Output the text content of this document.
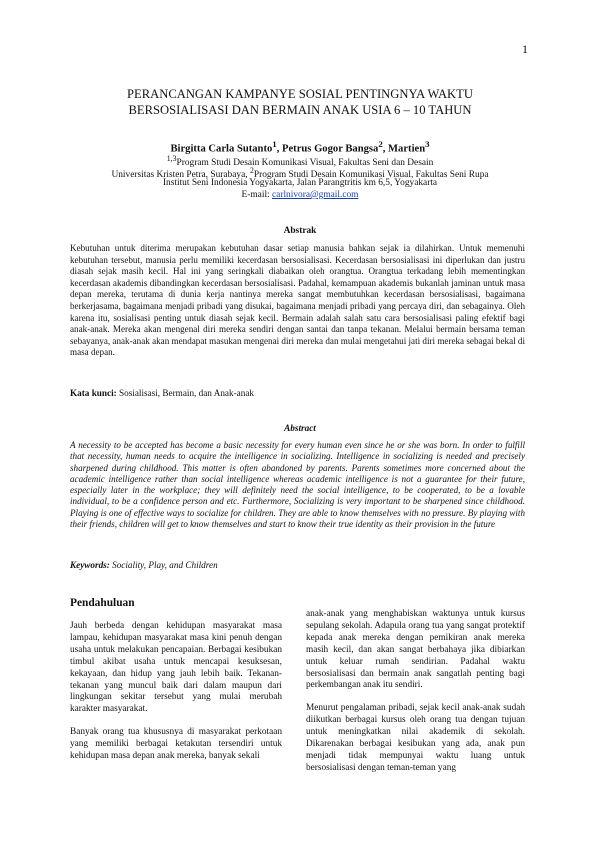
1
PERANCANGAN KAMPANYE SOSIAL PENTINGNYA WAKTU
BERSOSIALISASI DAN BERMAIN ANAK USIA 6 – 10 TAHUN
Birgitta Carla Sutanto$^1$, Petrus Gogor Bangsa$^2$, Martien$^3$
$^{1,3}$Program Studi Desain Komunikasi Visual, Fakultas Seni dan Desain
Universitas Kristen Petra, Surabaya, $^2$Program Studi Desain Komunikasi Visual, Fakultas Seni Rupa
Institut Seni Indonesia Yogyakarta, Jalan Parangtritis km 6,5, Yogyakarta
E-mail: carlnivora@gmail.com
Abstrak

Kebutuhan untuk diterima merupakan kebutuhan dasar setiap manusia bahkan sejak ia dilahirkan. Untuk memenuhi kebutuhan tersebut, manusia perlu memiliki kecerdasan bersosialisasi. Kecerdasan bersosialisasi ini diperlukan dan justru diasah sejak masih kecil. Hal ini yang seringkali diabaikan oleh orangtua. Orangtua terkadang lebih mementingkan kecerdasan akademis dibandingkan kecerdasan bersosialisasi. Padahal, kemampuan akademis bukanlah jaminan untuk masa depan mereka, terutama di dunia kerja nantinya mereka sangat membutuhkan kecerdasan bersosialisasi, bagaimana berkerjasama, bagaimana menjadi pribadi yang disukai, bagaimana menjadi pribadi yang percaya diri, dan sebagainya. Oleh karena itu, sosialisasi penting untuk diasah sejak kecil. Bermain adalah salah satu cara bersosialisasi paling efektif bagi anak-anak. Mereka akan mengenal diri mereka sendiri dengan santai dan tanpa tekanan. Melalui bermain bersama teman sebayanya, anak-anak akan mendapat masukan mengenai diri mereka dan mulai mengetahui jati diri mereka sebagai bekal di masa depan.

Kata kunci: Sosialisasi, Bermain, dan Anak-anak
Abstract

A necessity to be accepted has become a basic necessity for every human even since he or she was born. In order to fulfill that necessity, human needs to acquire the intelligence in socializing. Intelligence in socializing is needed and precisely sharpened during childhood. This matter is often abandoned by parents. Parents sometimes more concerned about the academic intelligence rather than social intelligence whereas academic intelligence is not a guarantee for their future, especially later in the workplace; they will definitely need the social intelligence, to be cooperated, to be a lovable individual, to be a confidence person and etc. Furthermore, Socializing is very important to be sharpened since childhood. Playing is one of effective ways to socialize for children. They are able to know themselves with no pressure. By playing with their friends, children will get to know themselves and start to know their true identity as their provision in the future

Keywords: Sociality, Play, and Children
Pendahuluan

Jauh berbeda dengan kehidupan masyarakat masa lampau, kehidupan masyarakat masa kini penuh dengan usaha untuk melakukan pencapaian. Berbagai kesibukan timbul akibat usaha untuk mencapai kesuksesan, kekayaan, dan hidup yang jauh lebih baik. Tekanan-tekanan yang muncul baik dari dalam maupun dari lingkungan sekitar tersebut yang mulai merubah karakter masyarakat.

Banyak orang tua khususnya di masyarakat perkotaan yang memiliki berbagai ketakutan tersendiri untuk kehidupan masa depan anak mereka, banyak sekali

anak-anak yang menghabiskan waktunya untuk kursus sepulang sekolah. Adapula orang tua yang sangat protektif kepada anak mereka dengan pemikiran anak mereka masih kecil, dan akan sangat berbahaya jika dibiarkan untuk keluar rumah sendirian. Padahal waktu bersosialisasi dan bermain anak sangatlah penting bagi perkembangan anak itu sendiri.

Menurut pengalaman pribadi, sejak kecil anak-anak sudah diikutkan berbagai kursus oleh orang tua dengan tujuan untuk meningkatkan nilai akademik di sekolah. Dikarenakan berbagai kesibukan yang ada, anak pun menjadi tidak mempunyai waktu luang untuk bersosialisasi dengan teman-teman yang
